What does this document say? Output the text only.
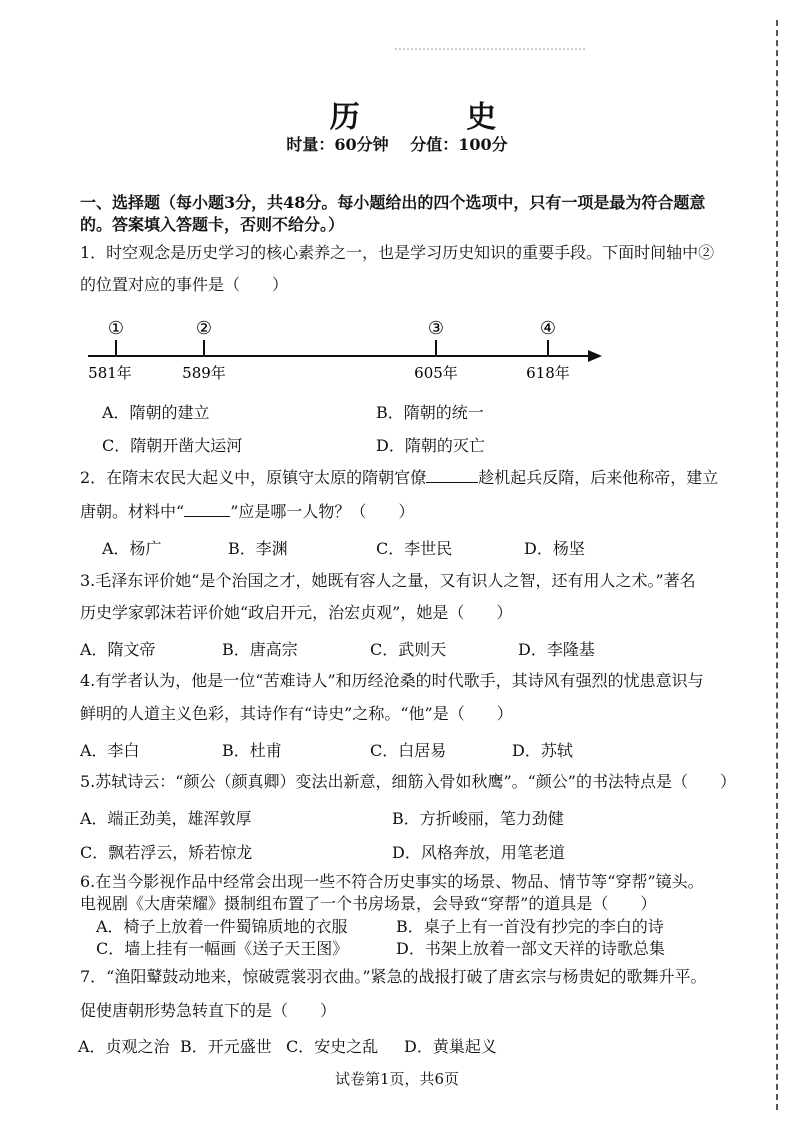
历 史
时量：60分钟 分值：100分
一、选择题（每小题3分，共48分。每小题给出的四个选项中，只有一项是最为符合题意
的。答案填入答题卡，否则不给分。）
1．时空观念是历史学习的核心素养之一，也是学习历史知识的重要手段。下面时间轴中②
的位置对应的事件是（　　）
①	②	③	④
581年	589年	605年	618年
A．隋朝的建立	B．隋朝的统一
C．隋朝开凿大运河	D．隋朝的灭亡
2．在隋末农民大起义中，原镇守太原的隋朝官僚	趁机起兵反隋，后来他称帝，建立
唐朝。材料中“	”应是哪一人物？（　　）
A．杨广	B．李渊	C．李世民	D．杨坚
3.毛泽东评价她“是个治国之才，她既有容人之量，又有识人之智，还有用人之术。”著名
历史学家郭沫若评价她“政启开元，治宏贞观”，她是（　　）
A．隋文帝	B．唐高宗	C．武则天	D．李隆基
4.有学者认为，他是一位“苦难诗人”和历经沧桑的时代歌手，其诗风有强烈的忧患意识与
鲜明的人道主义色彩，其诗作有“诗史”之称。“他”是（　　）
A．李白	B．杜甫	C．白居易	D．苏轼
5.苏轼诗云：“颜公（颜真卿）变法出新意，细筋入骨如秋鹰”。“颜公”的书法特点是（　　）
A．端正劲美，雄浑敦厚	B．方折峻丽，笔力劲健
C．飘若浮云，矫若惊龙	D．风格奔放，用笔老道
6.在当今影视作品中经常会出现一些不符合历史事实的场景、物品、情节等“穿帮”镜头。
电视剧《大唐荣耀》摄制组布置了一个书房场景，会导致“穿帮”的道具是（　　）
A．椅子上放着一件蜀锦质地的衣服	B．桌子上有一首没有抄完的李白的诗
C．墙上挂有一幅画《送子天王图》	D．书架上放着一部文天祥的诗歌总集
7．“渔阳鼙鼓动地来，惊破霓裳羽衣曲。”紧急的战报打破了唐玄宗与杨贵妃的歌舞升平。
促使唐朝形势急转直下的是（　　）
A．贞观之治 B．开元盛世 C．安史之乱 D．黄巢起义
试卷第1页，共6页
